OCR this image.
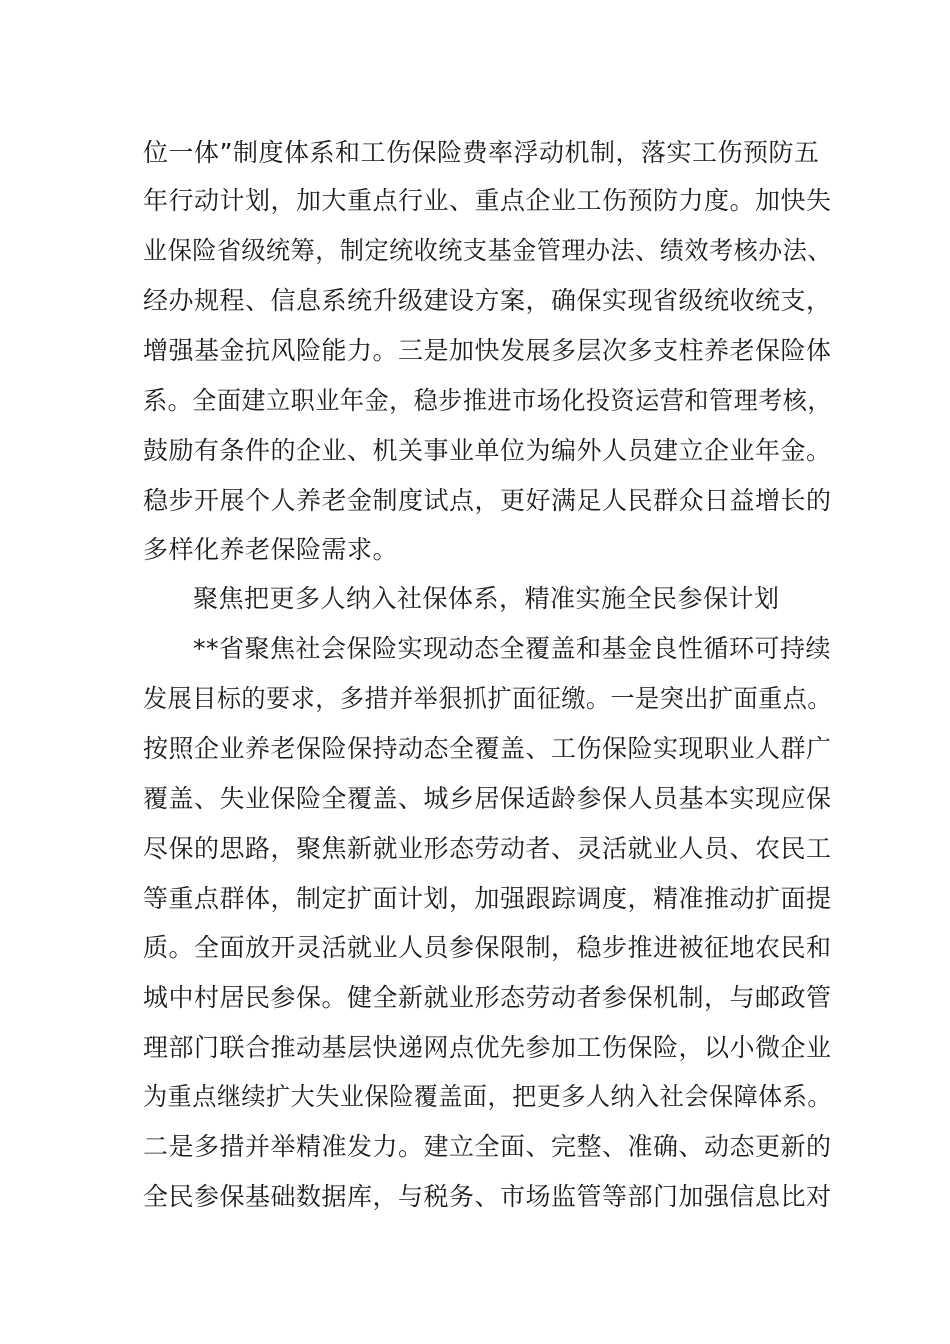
位一体”制度体系和工伤保险费率浮动机制，落实工伤预防五
年行动计划，加大重点行业、重点企业工伤预防力度。加快失
业保险省级统筹，制定统收统支基金管理办法、绩效考核办法、
经办规程、信息系统升级建设方案，确保实现省级统收统支，
增强基金抗风险能力。三是加快发展多层次多支柱养老保险体
系。全面建立职业年金，稳步推进市场化投资运营和管理考核，
鼓励有条件的企业、机关事业单位为编外人员建立企业年金。
稳步开展个人养老金制度试点，更好满足人民群众日益增长的
多样化养老保险需求。
聚焦把更多人纳入社保体系，精准实施全民参保计划
**省聚焦社会保险实现动态全覆盖和基金良性循环可持续
发展目标的要求，多措并举狠抓扩面征缴。一是突出扩面重点。
按照企业养老保险保持动态全覆盖、工伤保险实现职业人群广
覆盖、失业保险全覆盖、城乡居保适龄参保人员基本实现应保
尽保的思路，聚焦新就业形态劳动者、灵活就业人员、农民工
等重点群体，制定扩面计划，加强跟踪调度，精准推动扩面提
质。全面放开灵活就业人员参保限制，稳步推进被征地农民和
城中村居民参保。健全新就业形态劳动者参保机制，与邮政管
理部门联合推动基层快递网点优先参加工伤保险，以小微企业
为重点继续扩大失业保险覆盖面，把更多人纳入社会保障体系。
二是多措并举精准发力。建立全面、完整、准确、动态更新的
全民参保基础数据库，与税务、市场监管等部门加强信息比对
